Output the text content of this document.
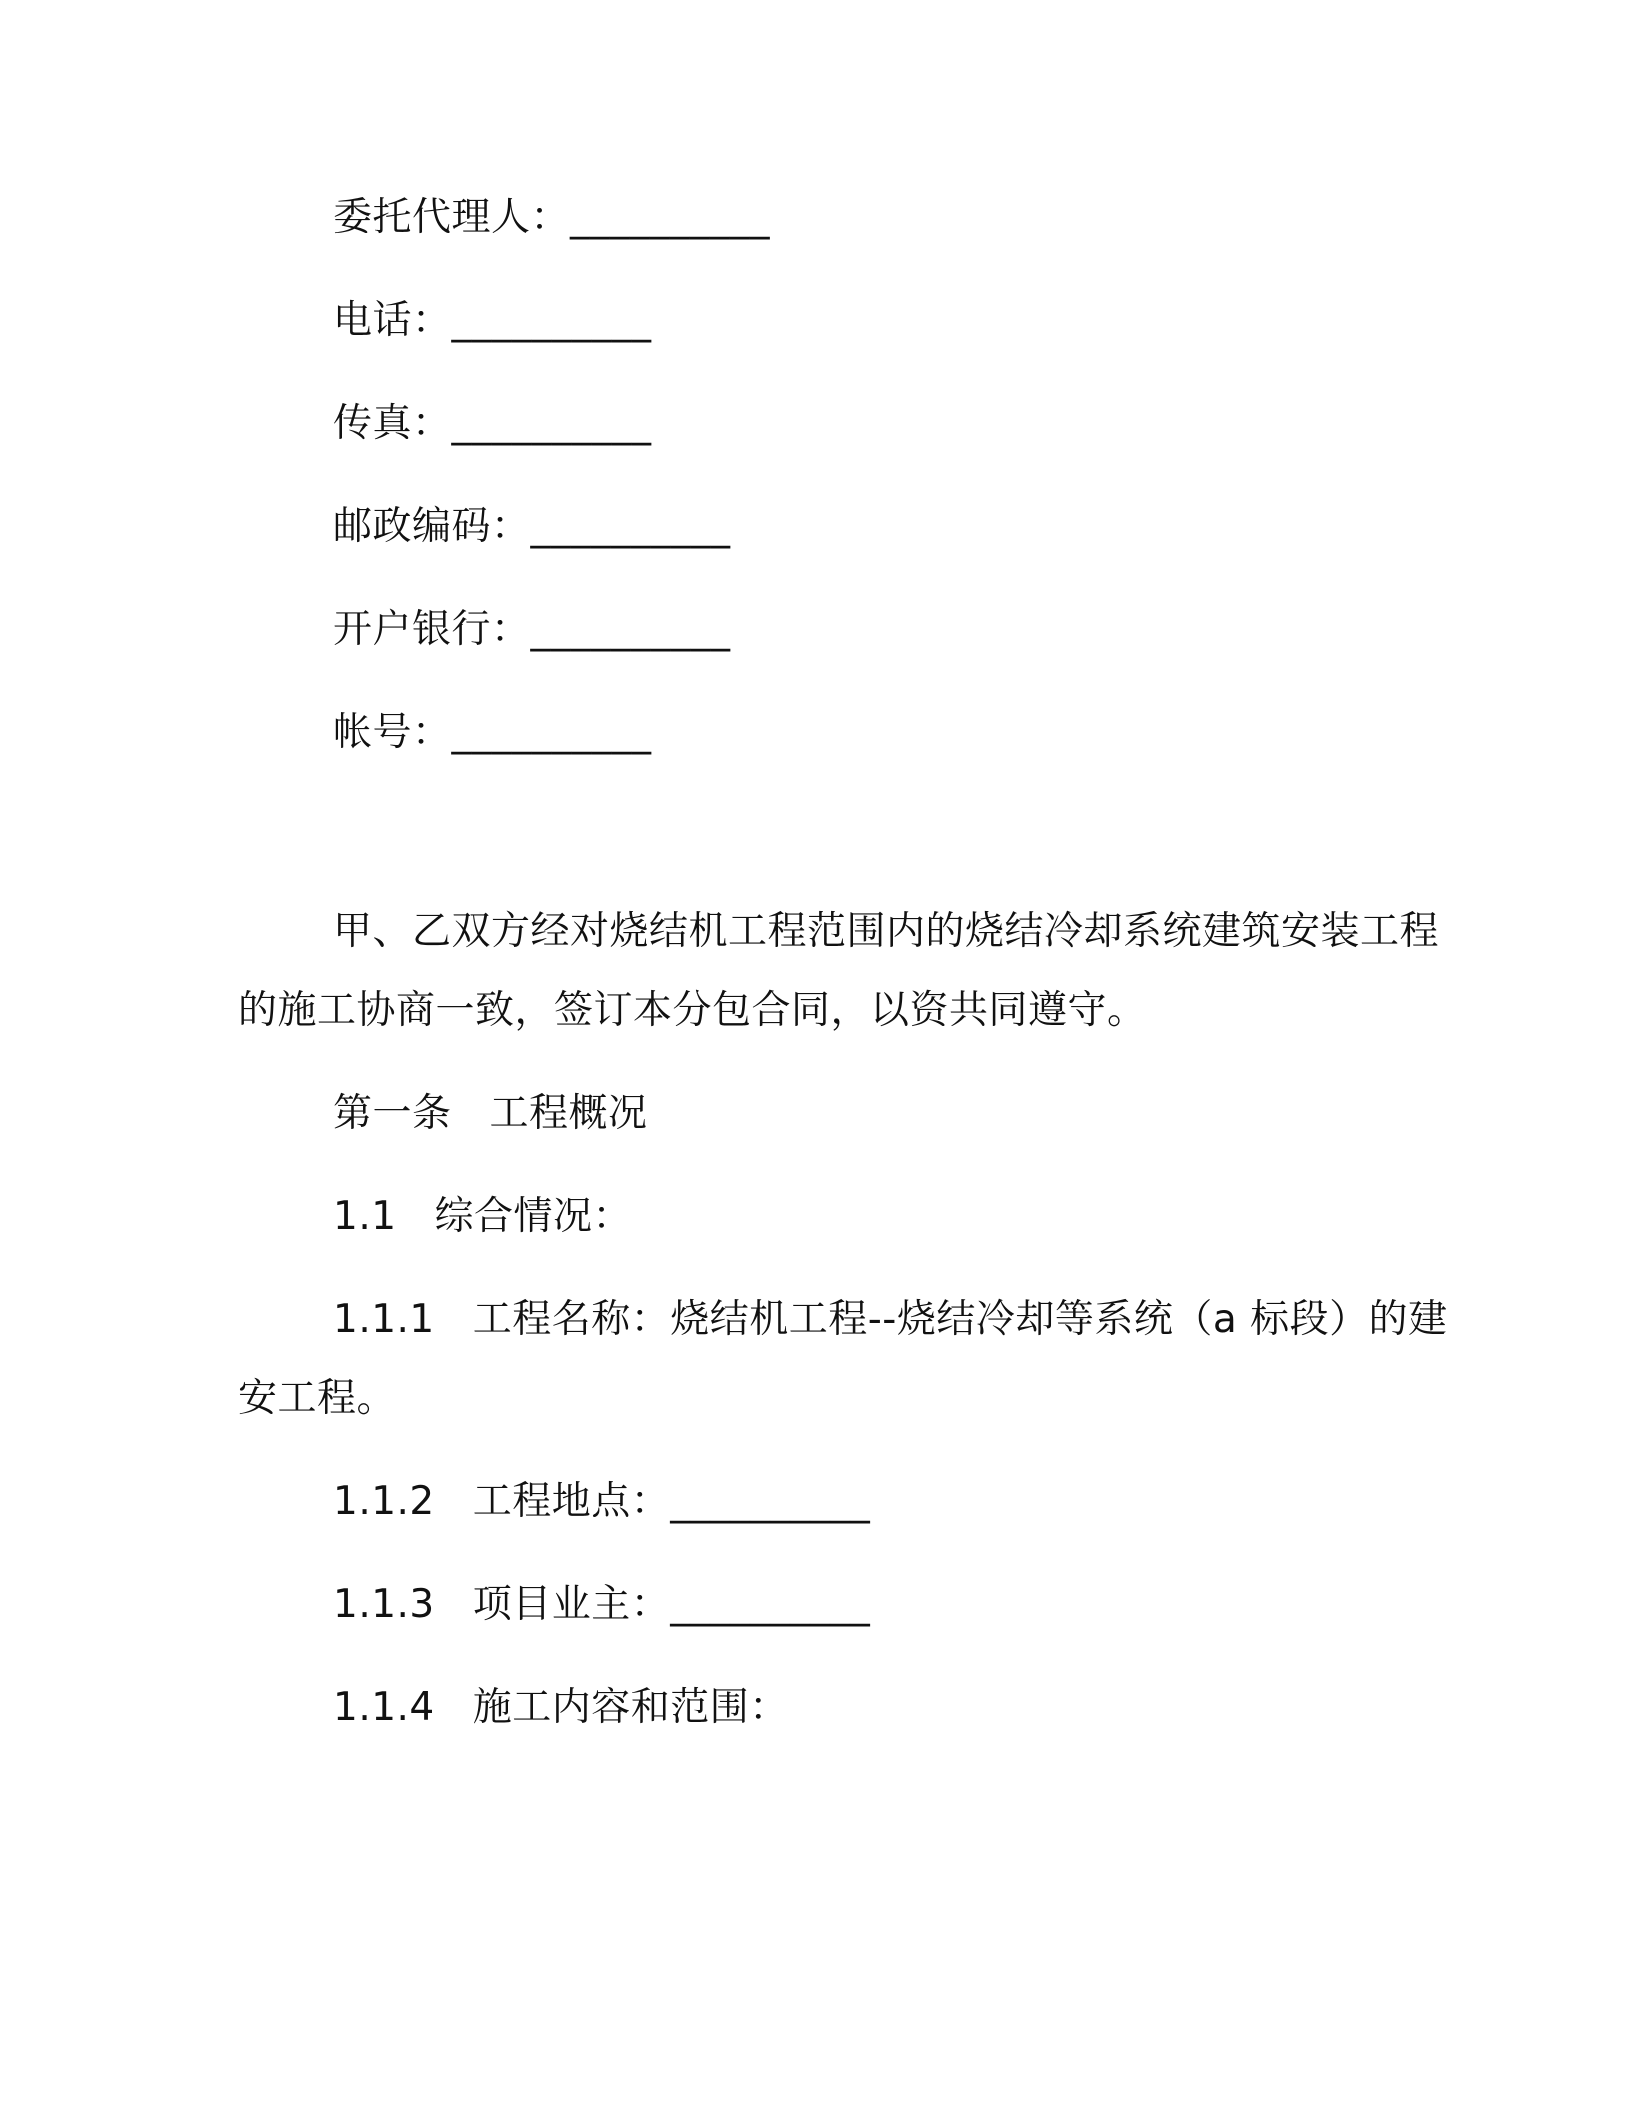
委托代理人：__________
电话：__________
传真：__________
邮政编码：__________
开户银行：__________
帐号：__________
甲、乙双方经对烧结机工程范围内的烧结冷却系统建筑安装工程
的施工协商一致，签订本分包合同，以资共同遵守。
第一条 工程概况
1.1 综合情况：
1.1.1 工程名称：烧结机工程--烧结冷却等系统（a 标段）的建
安工程。
1.1.2 工程地点：__________
1.1.3 项目业主：__________
1.1.4 施工内容和范围：
